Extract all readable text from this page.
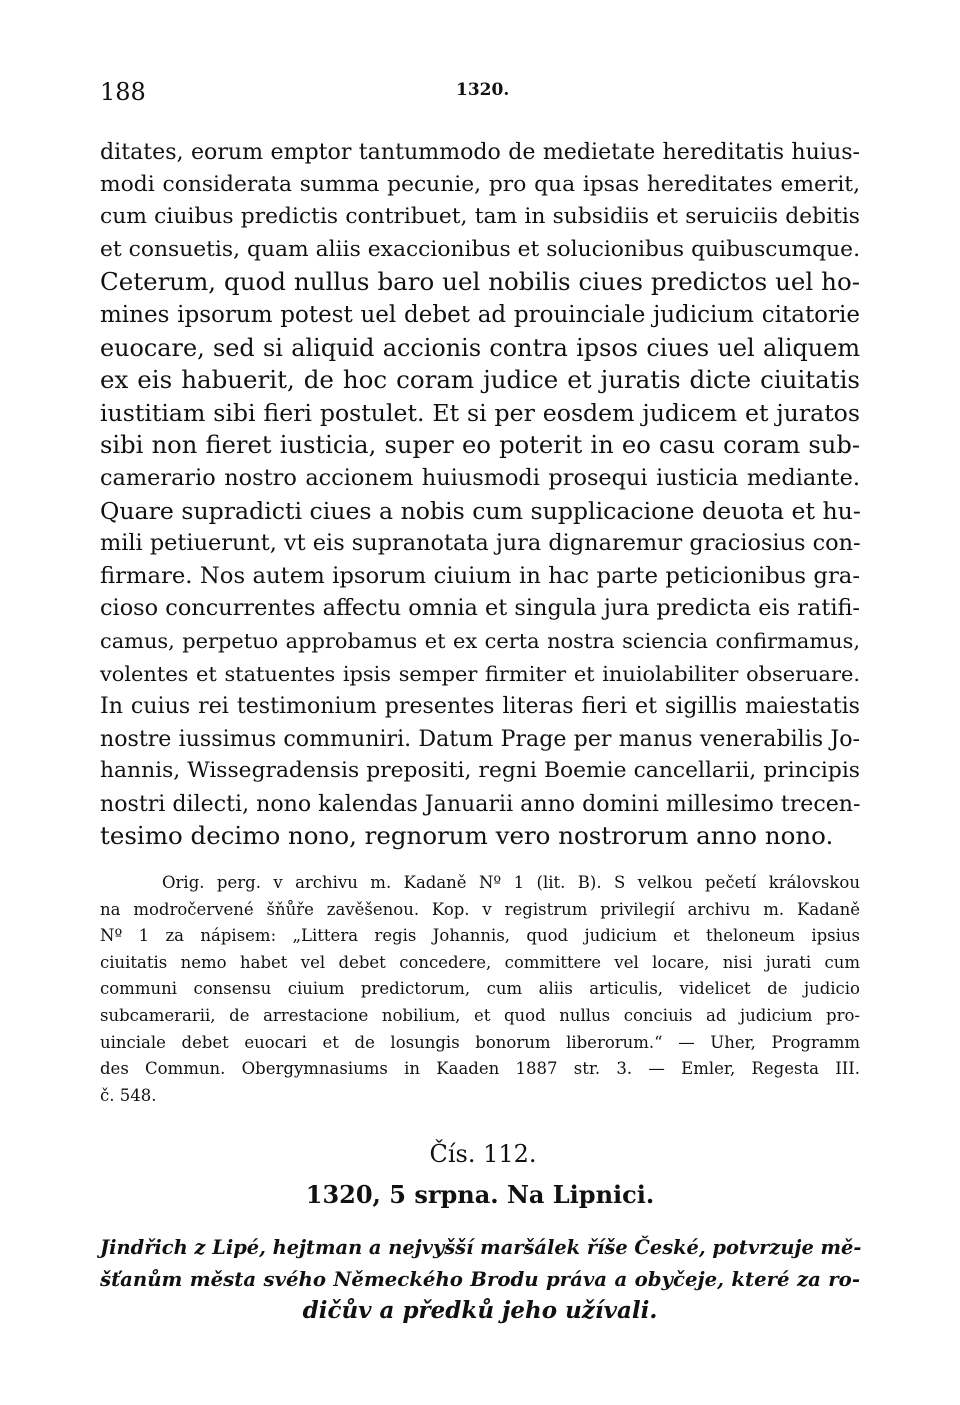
188	1320.
ditates, eorum emptor tantummodo de medietate hereditatis huius-
modi considerata summa pecunie, pro qua ipsas hereditates emerit,
cum ciuibus predictis contribuet, tam in subsidiis et seruiciis debitis
et consuetis, quam aliis exaccionibus et solucionibus quibuscumque.
Ceterum, quod nullus baro uel nobilis ciues predictos uel ho-
mines ipsorum potest uel debet ad prouinciale judicium citatorie
euocare, sed si aliquid accionis contra ipsos ciues uel aliquem
ex eis habuerit, de hoc coram judice et juratis dicte ciuitatis
iustitiam sibi fieri postulet. Et si per eosdem judicem et juratos
sibi non fieret iusticia, super eo poterit in eo casu coram sub-
camerario nostro accionem huiusmodi prosequi iusticia mediante.
Quare supradicti ciues a nobis cum supplicacione deuota et hu-
mili petiuerunt, vt eis supranotata jura dignaremur graciosius con-
firmare. Nos autem ipsorum ciuium in hac parte peticionibus gra-
cioso concurrentes affectu omnia et singula jura predicta eis ratifi-
camus, perpetuo approbamus et ex certa nostra sciencia confirmamus,
volentes et statuentes ipsis semper firmiter et inuiolabiliter obseruare.
In cuius rei testimonium presentes literas fieri et sigillis maiestatis
nostre iussimus communiri. Datum Prage per manus venerabilis Jo-
hannis, Wissegradensis prepositi, regni Boemie cancellarii, principis
nostri dilecti, nono kalendas Januarii anno domini millesimo trecen-
tesimo decimo nono, regnorum vero nostrorum anno nono.
Orig. perg. v archivu m. Kadaně Nº 1 (lit. B). S velkou pečetí královskou
na modročervené šňůře zavěšenou. Kop. v registrum privilegií archivu m. Kadaně
Nº 1 za nápisem: „Littera regis Johannis, quod judicium et theloneum ipsius
ciuitatis nemo habet vel debet concedere, committere vel locare, nisi jurati cum
communi consensu ciuium predictorum, cum aliis articulis, videlicet de judicio
subcamerarii, de arrestacione nobilium, et quod nullus conciuis ad judicium pro-
uinciale debet euocari et de losungis bonorum liberorum.“ — Uher, Programm
des Commun. Obergymnasiums in Kaaden 1887 str. 3. — Emler, Regesta III.
č. 548.
Čís. 112.
1320, 5 srpna. Na Lipnici.
Jindřich z Lipé, hejtman a nejvyšší maršálek říše České, potvrzuje mě-
šťanům města svého Německého Brodu práva a obyčeje, které za ro-
dičův a předků jeho užívali.
